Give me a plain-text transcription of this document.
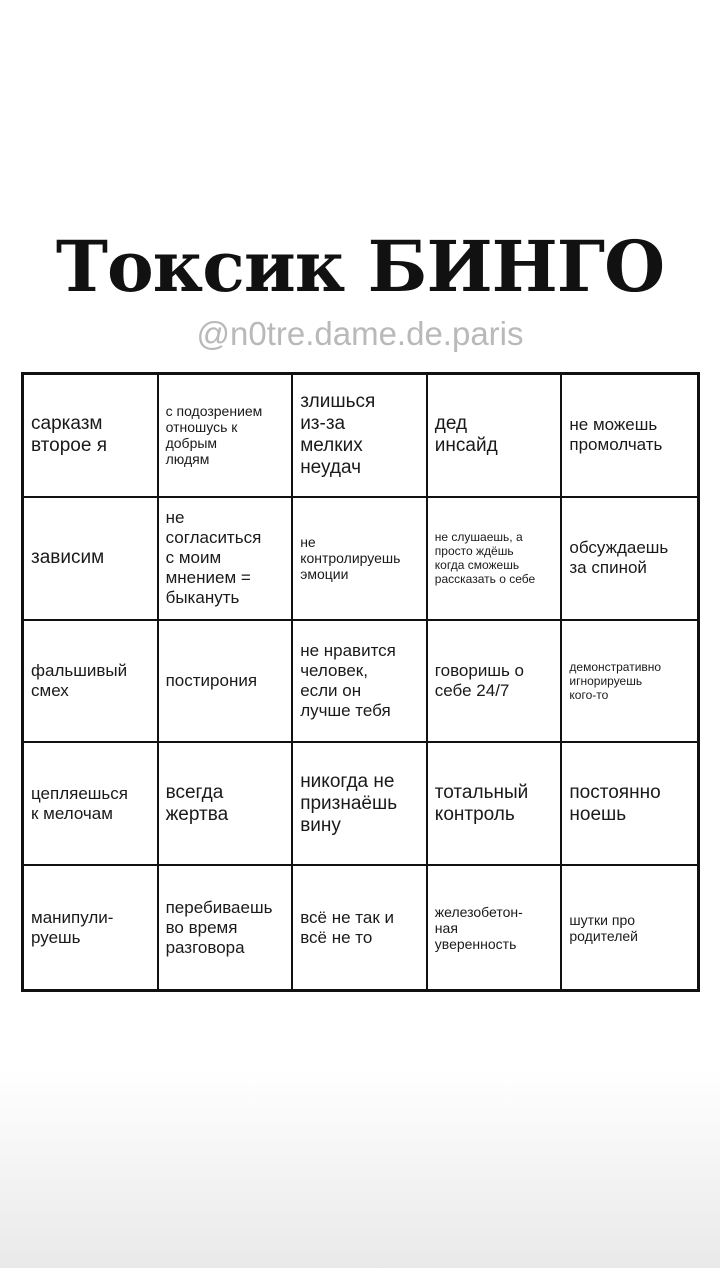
Токсик БИНГО
@n0tre.dame.de.paris
сарказм
второе я
с подозрением
отношусь к
добрым
людям
злишься
из-за
мелких
неудач
дед
инсайд
не можешь
промолчать
зависим
не
согласиться
с моим
мнением =
быкануть
не
контролируешь
эмоции
не слушаешь, а
просто ждёшь
когда сможешь
рассказать о себе
обсуждаешь
за спиной
фальшивый
смех
постирония
не нравится
человек,
если он
лучше тебя
говоришь о
себе 24/7
демонстративно
игнорируешь
кого-то
цепляешься
к мелочам
всегда
жертва
никогда не
признаёшь
вину
тотальный
контроль
постоянно
ноешь
манипули-
руешь
перебиваешь
во время
разговора
всё не так и
всё не то
железобетон-
ная
уверенность
шутки про
родителей
